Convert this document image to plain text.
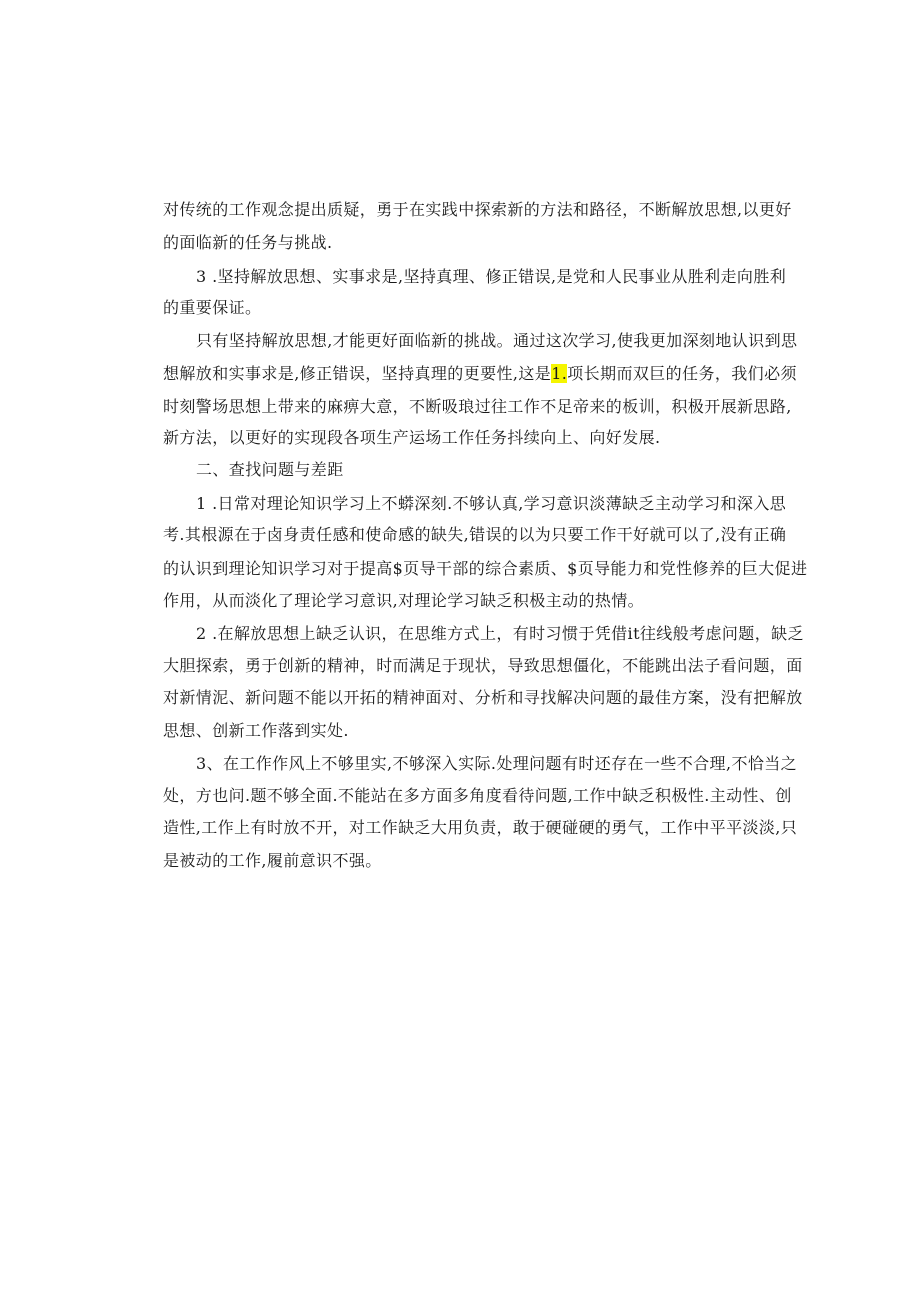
对传统的工作观念提出质疑，勇于在实践中探索新的方法和路径，不断解放思想,以更好
的面临新的任务与挑战.
3 .坚持解放思想、实事求是,坚持真理、修正错误,是党和人民事业从胜利走向胜利
的重要保证。
只有坚持解放思想,才能更好面临新的挑战。通过这次学习,使我更加深刻地认识到思
想解放和实事求是,修正错误，坚持真理的更要性,这是1.项长期而双巨的任务，我们必须
时刻警场思想上带来的麻痹大意，不断吸琅过往工作不足帝来的板训，积极开展新思路,
新方法，以更好的实现段各项生产运场工作任务抖续向上、向好发展.
二、查找问题与差距
1 .日常对理论知识学习上不蟒深刻.不够认真,学习意识淡薄缺乏主动学习和深入思
考.其根源在于卤身责任感和使命感的缺失,错误的以为只要工作干好就可以了,没有正确
的认识到理论知识学习对于提高$页导干部的综合素质、$页导能力和党性修养的巨大促进
作用，从而淡化了理论学习意识,对理论学习缺乏积极主动的热情。
2 .在解放思想上缺乏认识，在思维方式上，有时习惯于凭借it往线般考虑问题，缺乏
大胆探索，勇于创新的精神，时而满足于现状，导致思想僵化，不能跳出法子看问题，面
对新情泥、新问题不能以开拓的精神面对、分析和寻找解决问题的最佳方案，没有把解放
思想、创新工作落到实处.
3、在工作作风上不够里实,不够深入实际.处理问题有时还存在一些不合理,不恰当之
处，方也问.题不够全面.不能站在多方面多角度看待问题,工作中缺乏积极性.主动性、创
造性,工作上有时放不开，对工作缺乏大用负责，敢于硬碰硬的勇气，工作中平平淡淡,只
是被动的工作,履前意识不强。
